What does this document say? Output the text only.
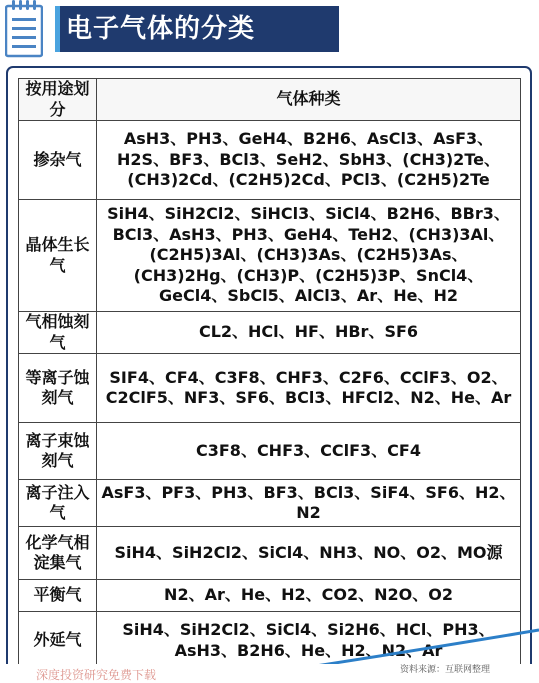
电子气体的分类
按用途划分	气体种类
掺杂气	AsH3、PH3、GeH4、B2H6、AsCl3、AsF3、H2S、BF3、BCl3、SeH2、SbH3、(CH3)2Te、(CH3)2Cd、(C2H5)2Cd、PCl3、(C2H5)2Te
晶体生长气	SiH4、SiH2Cl2、SiHCl3、SiCl4、B2H6、BBr3、BCl3、AsH3、PH3、GeH4、TeH2、(CH3)3Al、(C2H5)3Al、(CH3)3As、(C2H5)3As、(CH3)2Hg、(CH3)P、(C2H5)3P、SnCl4、GeCl4、SbCl5、AlCl3、Ar、He、H2
气相蚀刻气	CL2、HCl、HF、HBr、SF6
等离子蚀刻气	SIF4、CF4、C3F8、CHF3、C2F6、CClF3、O2、C2ClF5、NF3、SF6、BCl3、HFCl2、N2、He、Ar
离子束蚀刻气	C3F8、CHF3、CClF3、CF4
离子注入气	AsF3、PF3、PH3、BF3、BCl3、SiF4、SF6、H2、N2
化学气相淀集气	SiH4、SiH2Cl2、SiCl4、NH3、NO、O2、MO源
平衡气	N2、Ar、He、H2、CO2、N2O、O2
外延气	SiH4、SiH2Cl2、SiCl4、Si2H6、HCl、PH3、AsH3、B2H6、He、H2、N2、Ar
深度投资研究免费下载	资料来源：互联网整理
